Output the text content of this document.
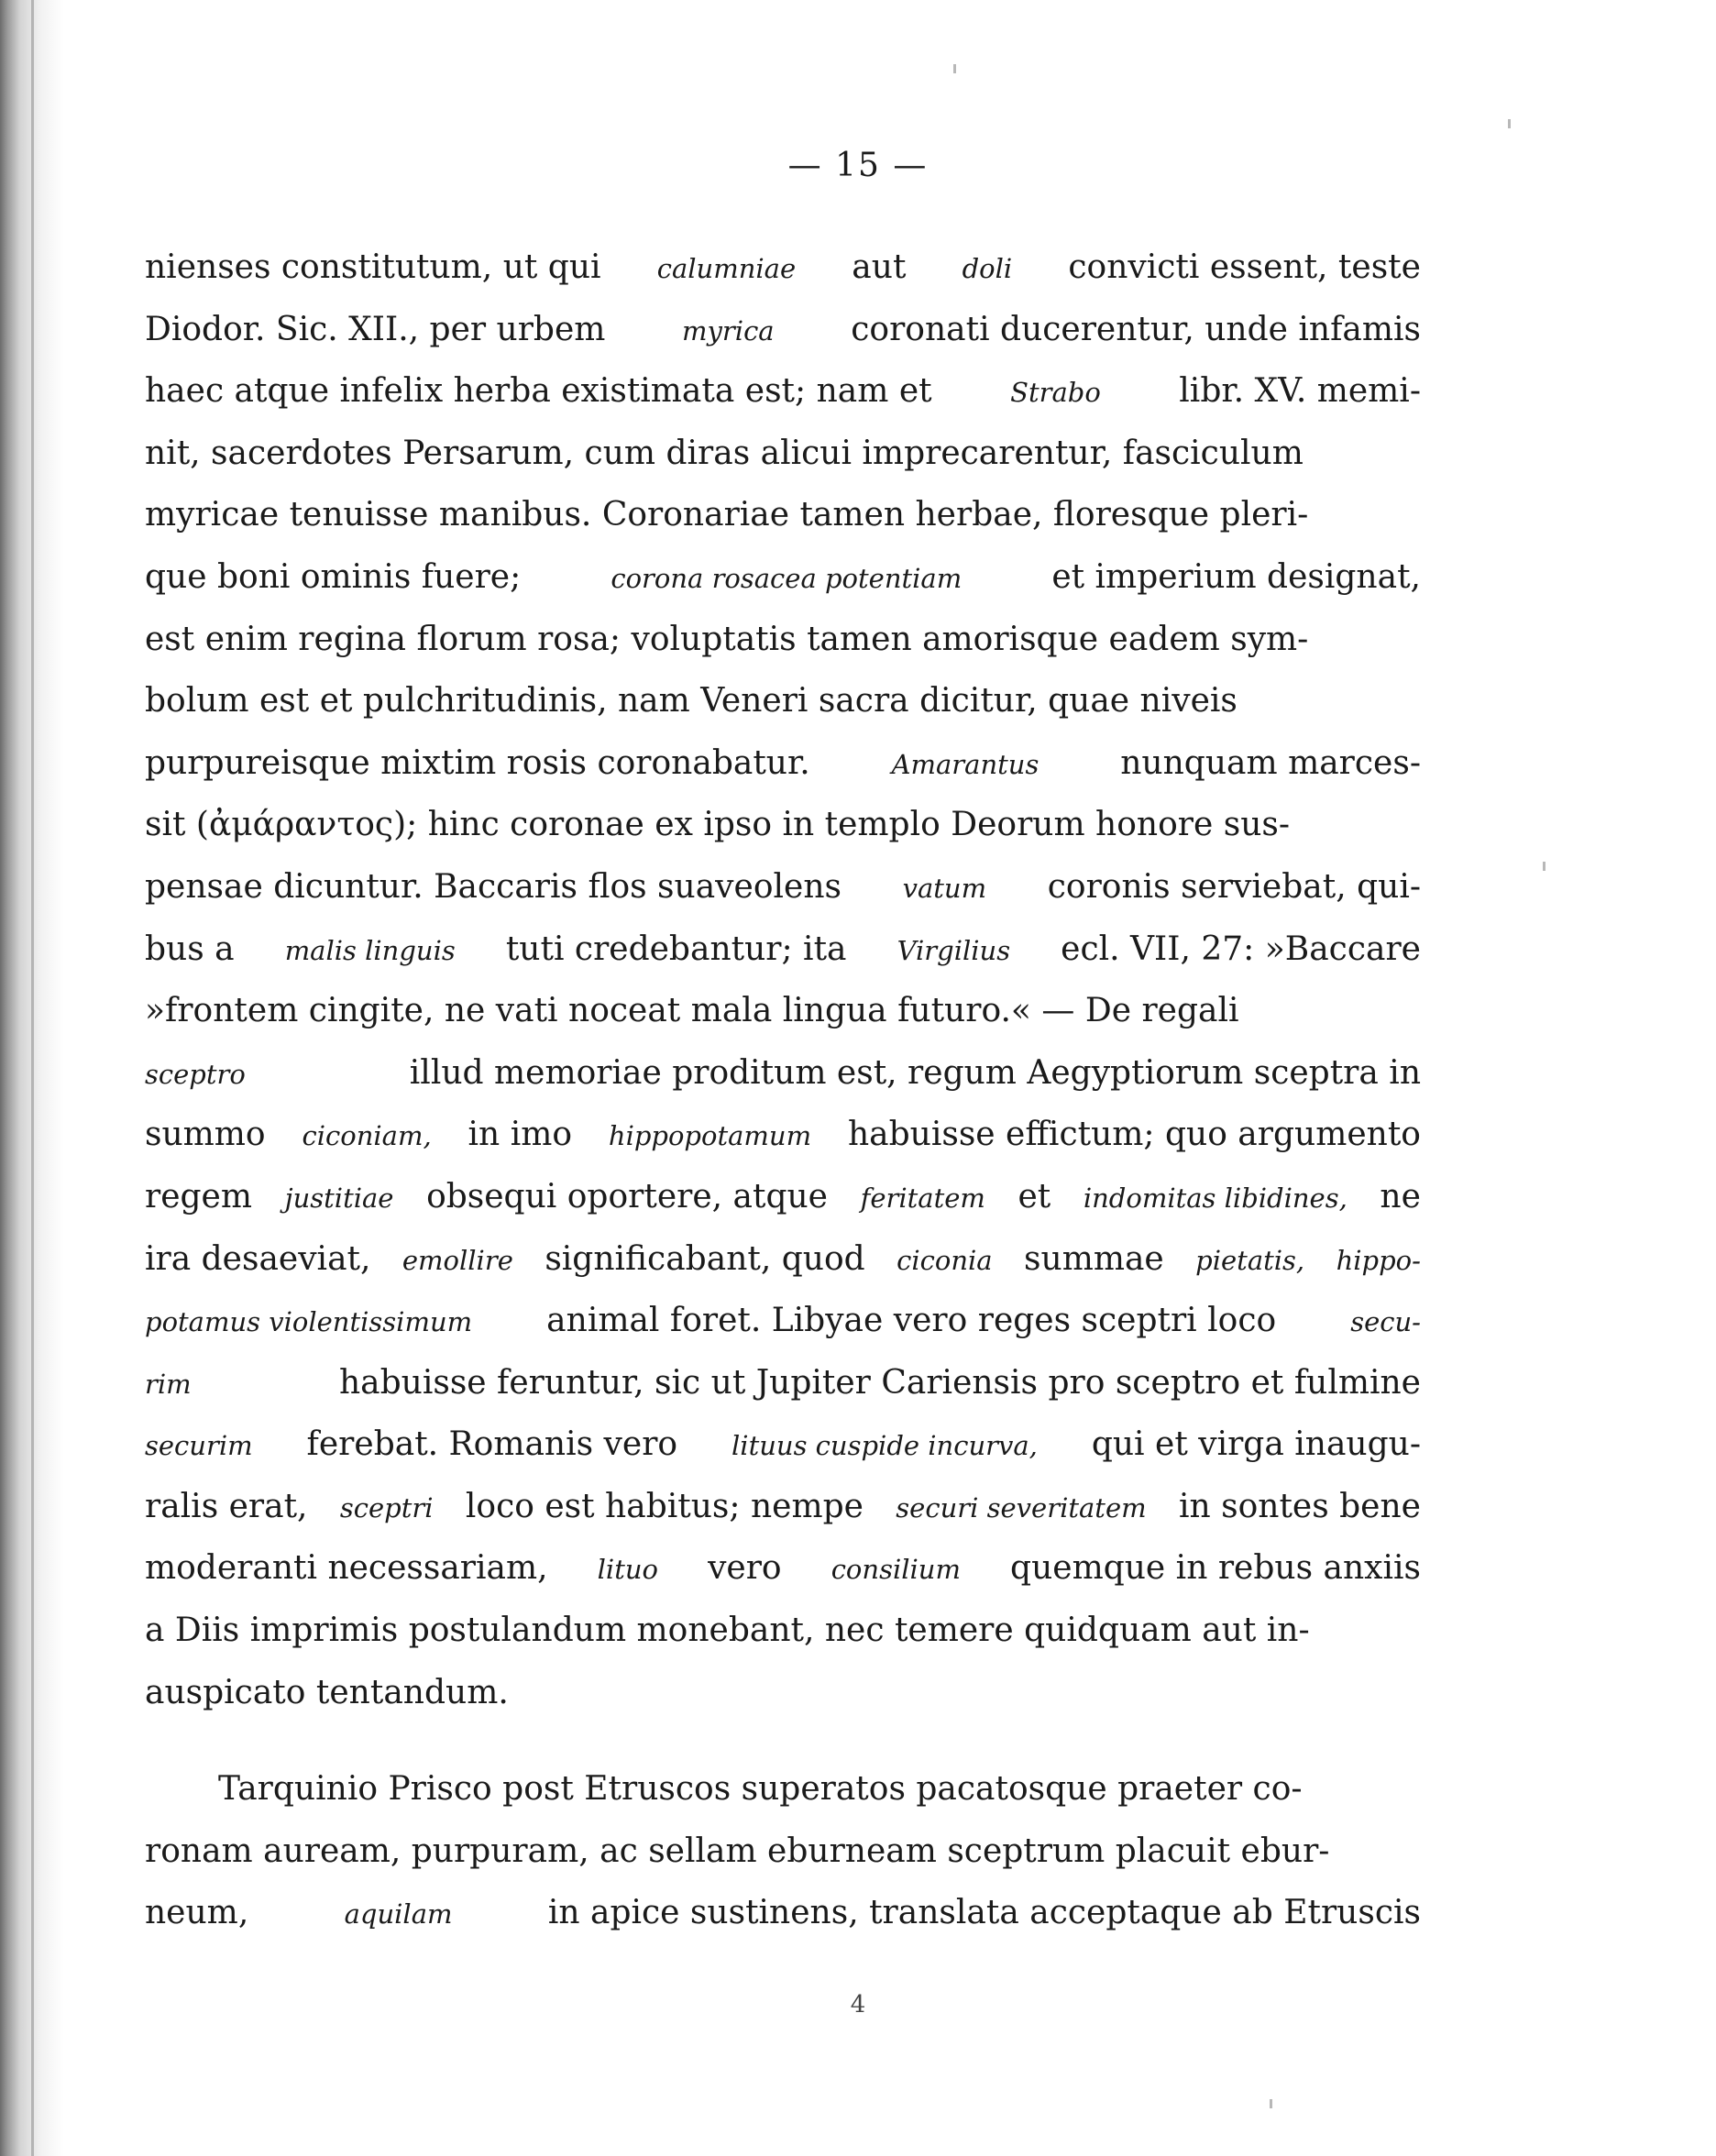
— 15 —
nienses constitutum, ut qui calumniae aut doli convicti essent, teste
Diodor. Sic. XII., per urbem	myrica coronati ducerentur, unde infamis
haec atque infelix herba existimata est; nam et	Strabo libr. XV. memi-
nit, sacerdotes Persarum, cum diras alicui imprecarentur, fasciculum
myricae tenuisse manibus. Coronariae tamen herbae, floresque pleri-
que boni ominis fuere;	corona rosacea potentiam	et imperium designat,
est enim regina florum rosa; voluptatis tamen amorisque eadem sym-
bolum est et pulchritudinis, nam Veneri sacra dicitur, quae niveis
purpureisque mixtim rosis coronabatur.	Amarantus nunquam marces-
sit (ἀμάραντος); hinc coronae ex ipso in templo Deorum honore sus-
pensae dicuntur. Baccaris flos suaveolens vatum coronis serviebat, qui-
bus a malis linguis tuti credebantur; ita Virgilius ecl. VII, 27: »Baccare
»frontem cingite, ne vati noceat mala lingua futuro.« — De regali
sceptro	illud memoriae proditum est, regum Aegyptiorum sceptra in
summo ciconiam, in imo hippopotamum habuisse effictum; quo argumento
regem justitiae obsequi oportere, atque feritatem et indomitas libidines, ne
ira desaeviat, emollire significabant, quod ciconia summae pietatis, hippo-
potamus violentissimum animal foret. Libyae vero reges sceptri loco	secu-
rim	habuisse feruntur, sic ut Jupiter Cariensis pro sceptro et fulmine
securim ferebat. Romanis vero lituus cuspide incurva, qui et virga inaugu-
ralis erat, sceptri loco est habitus; nempe securi severitatem in sontes bene
moderanti necessariam, lituo vero consilium quemque in rebus anxiis
a Diis imprimis postulandum monebant, nec temere quidquam aut in-
auspicato tentandum.
Tarquinio Prisco post Etruscos superatos pacatosque praeter co-
ronam auream, purpuram, ac sellam eburneam sceptrum placuit ebur-
neum,	aquilam	in apice sustinens, translata acceptaque ab Etruscis
4
